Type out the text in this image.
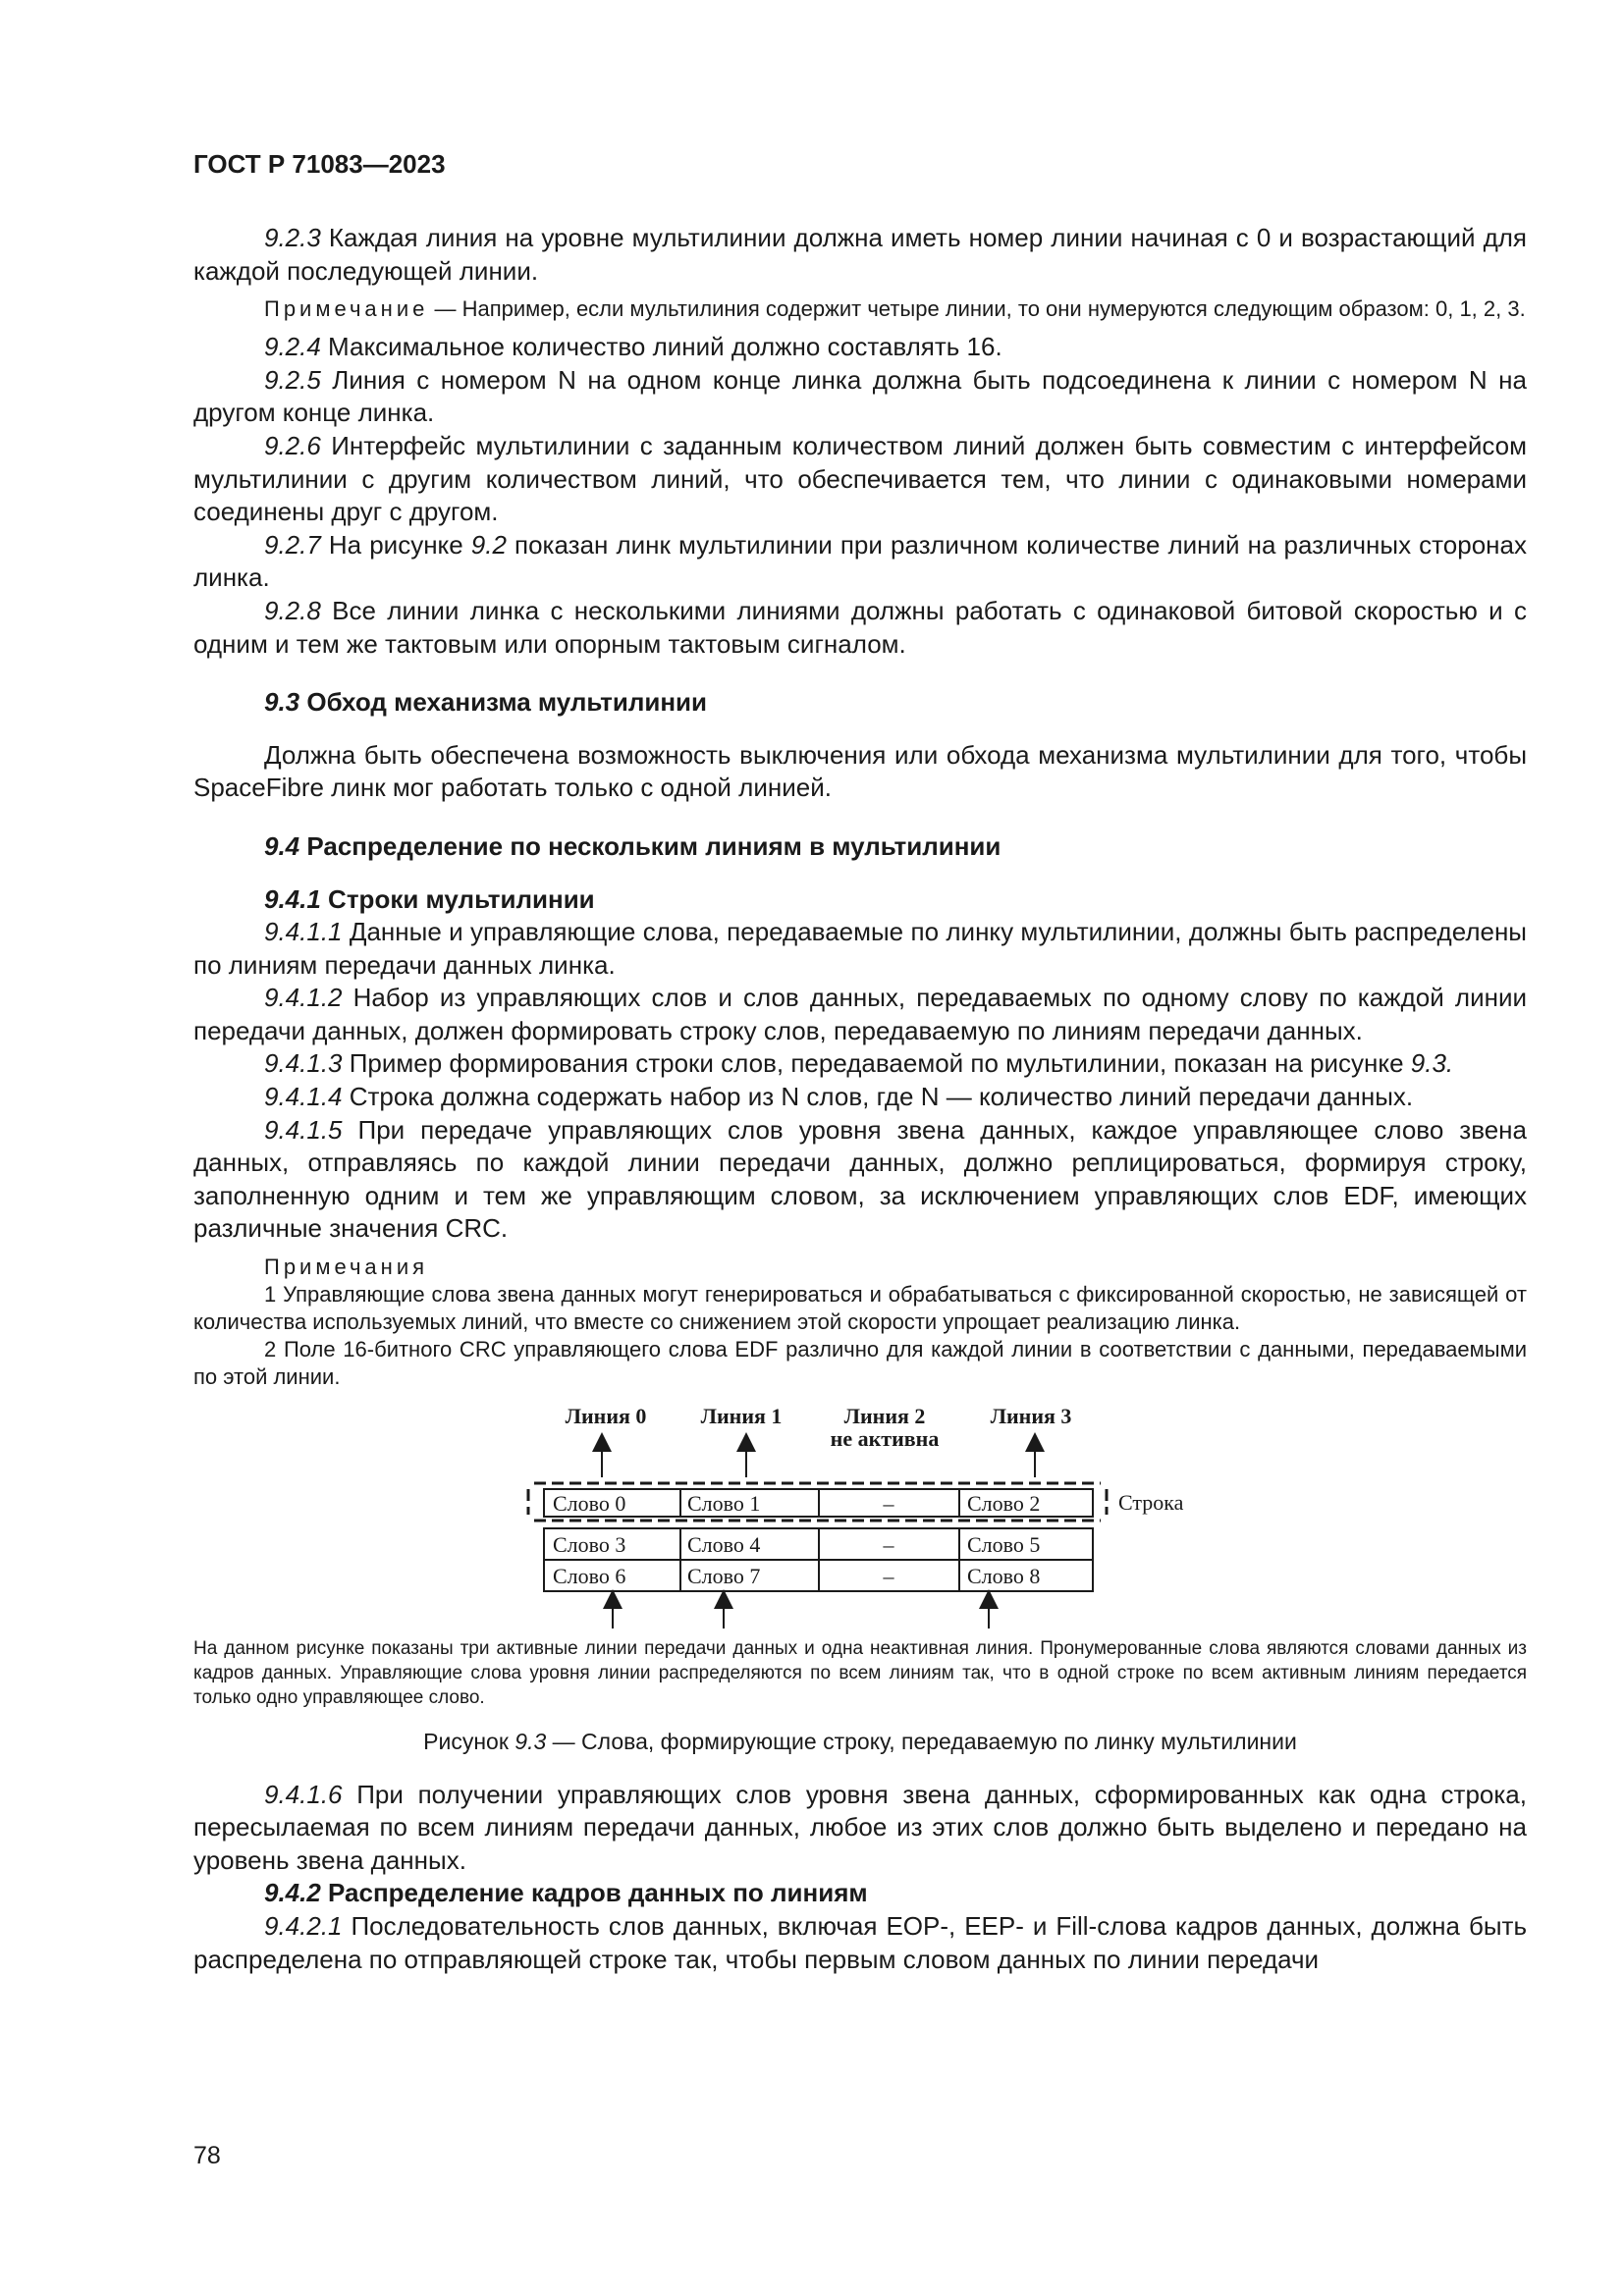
ГОСТ Р 71083—2023

9.2.3 Каждая линия на уровне мультилинии должна иметь номер линии начиная с 0 и возрастающий для каждой последующей линии.

Примечание — Например, если мультилиния содержит четыре линии, то они нумеруются следующим образом: 0, 1, 2, 3.

9.2.4 Максимальное количество линий должно составлять 16.

9.2.5 Линия с номером N на одном конце линка должна быть подсоединена к линии с номером N на другом конце линка.

9.2.6 Интерфейс мультилинии с заданным количеством линий должен быть совместим с интерфейсом мультилинии с другим количеством линий, что обеспечивается тем, что линии с одинаковыми номерами соединены друг с другом.

9.2.7 На рисунке 9.2 показан линк мультилинии при различном количестве линий на различных сторонах линка.

9.2.8 Все линии линка с несколькими линиями должны работать с одинаковой битовой скоростью и с одним и тем же тактовым или опорным тактовым сигналом.

9.3 Обход механизма мультилинии

Должна быть обеспечена возможность выключения или обхода механизма мультилинии для того, чтобы SpaceFibre линк мог работать только с одной линией.

9.4 Распределение по нескольким линиям в мультилинии

9.4.1 Строки мультилинии

9.4.1.1 Данные и управляющие слова, передаваемые по линку мультилинии, должны быть распределены по линиям передачи данных линка.

9.4.1.2 Набор из управляющих слов и слов данных, передаваемых по одному слову по каждой линии передачи данных, должен формировать строку слов, передаваемую по линиям передачи данных.

9.4.1.3 Пример формирования строки слов, передаваемой по мультилинии, показан на рисунке 9.3.

9.4.1.4 Строка должна содержать набор из N слов, где N — количество линий передачи данных.

9.4.1.5 При передаче управляющих слов уровня звена данных, каждое управляющее слово звена данных, отправляясь по каждой линии передачи данных, должно реплицироваться, формируя строку, заполненную одним и тем же управляющим словом, за исключением управляющих слов EDF, имеющих различные значения CRC.

Примечания

1 Управляющие слова звена данных могут генерироваться и обрабатываться с фиксированной скоростью, не зависящей от количества используемых линий, что вместе со снижением этой скорости упрощает реализацию линка.

2 Поле 16-битного CRC управляющего слова EDF различно для каждой линии в соответствии с данными, передаваемыми по этой линии.

Линия 0	Линия 1	Линия 2
не активна
Линия 3
Слово 0	Слово 1	–	Слово 2
Слово 3	Слово 4	–	Слово 5
Слово 6	Слово 7	–	Слово 8
Строка

На данном рисунке показаны три активные линии передачи данных и одна неактивная линия. Пронумерованные слова являются словами данных из кадров данных. Управляющие слова уровня линии распределяются по всем линиям так, что в одной строке по всем активным линиям передается только одно управляющее слово.

Рисунок 9.3 — Слова, формирующие строку, передаваемую по линку мультилинии

9.4.1.6 При получении управляющих слов уровня звена данных, сформированных как одна строка, пересылаемая по всем линиям передачи данных, любое из этих слов должно быть выделено и передано на уровень звена данных.

9.4.2 Распределение кадров данных по линиям

9.4.2.1 Последовательность слов данных, включая EOP-, EEP- и Fill-слова кадров данных, должна быть распределена по отправляющей строке так, чтобы первым словом данных по линии передачи

78
